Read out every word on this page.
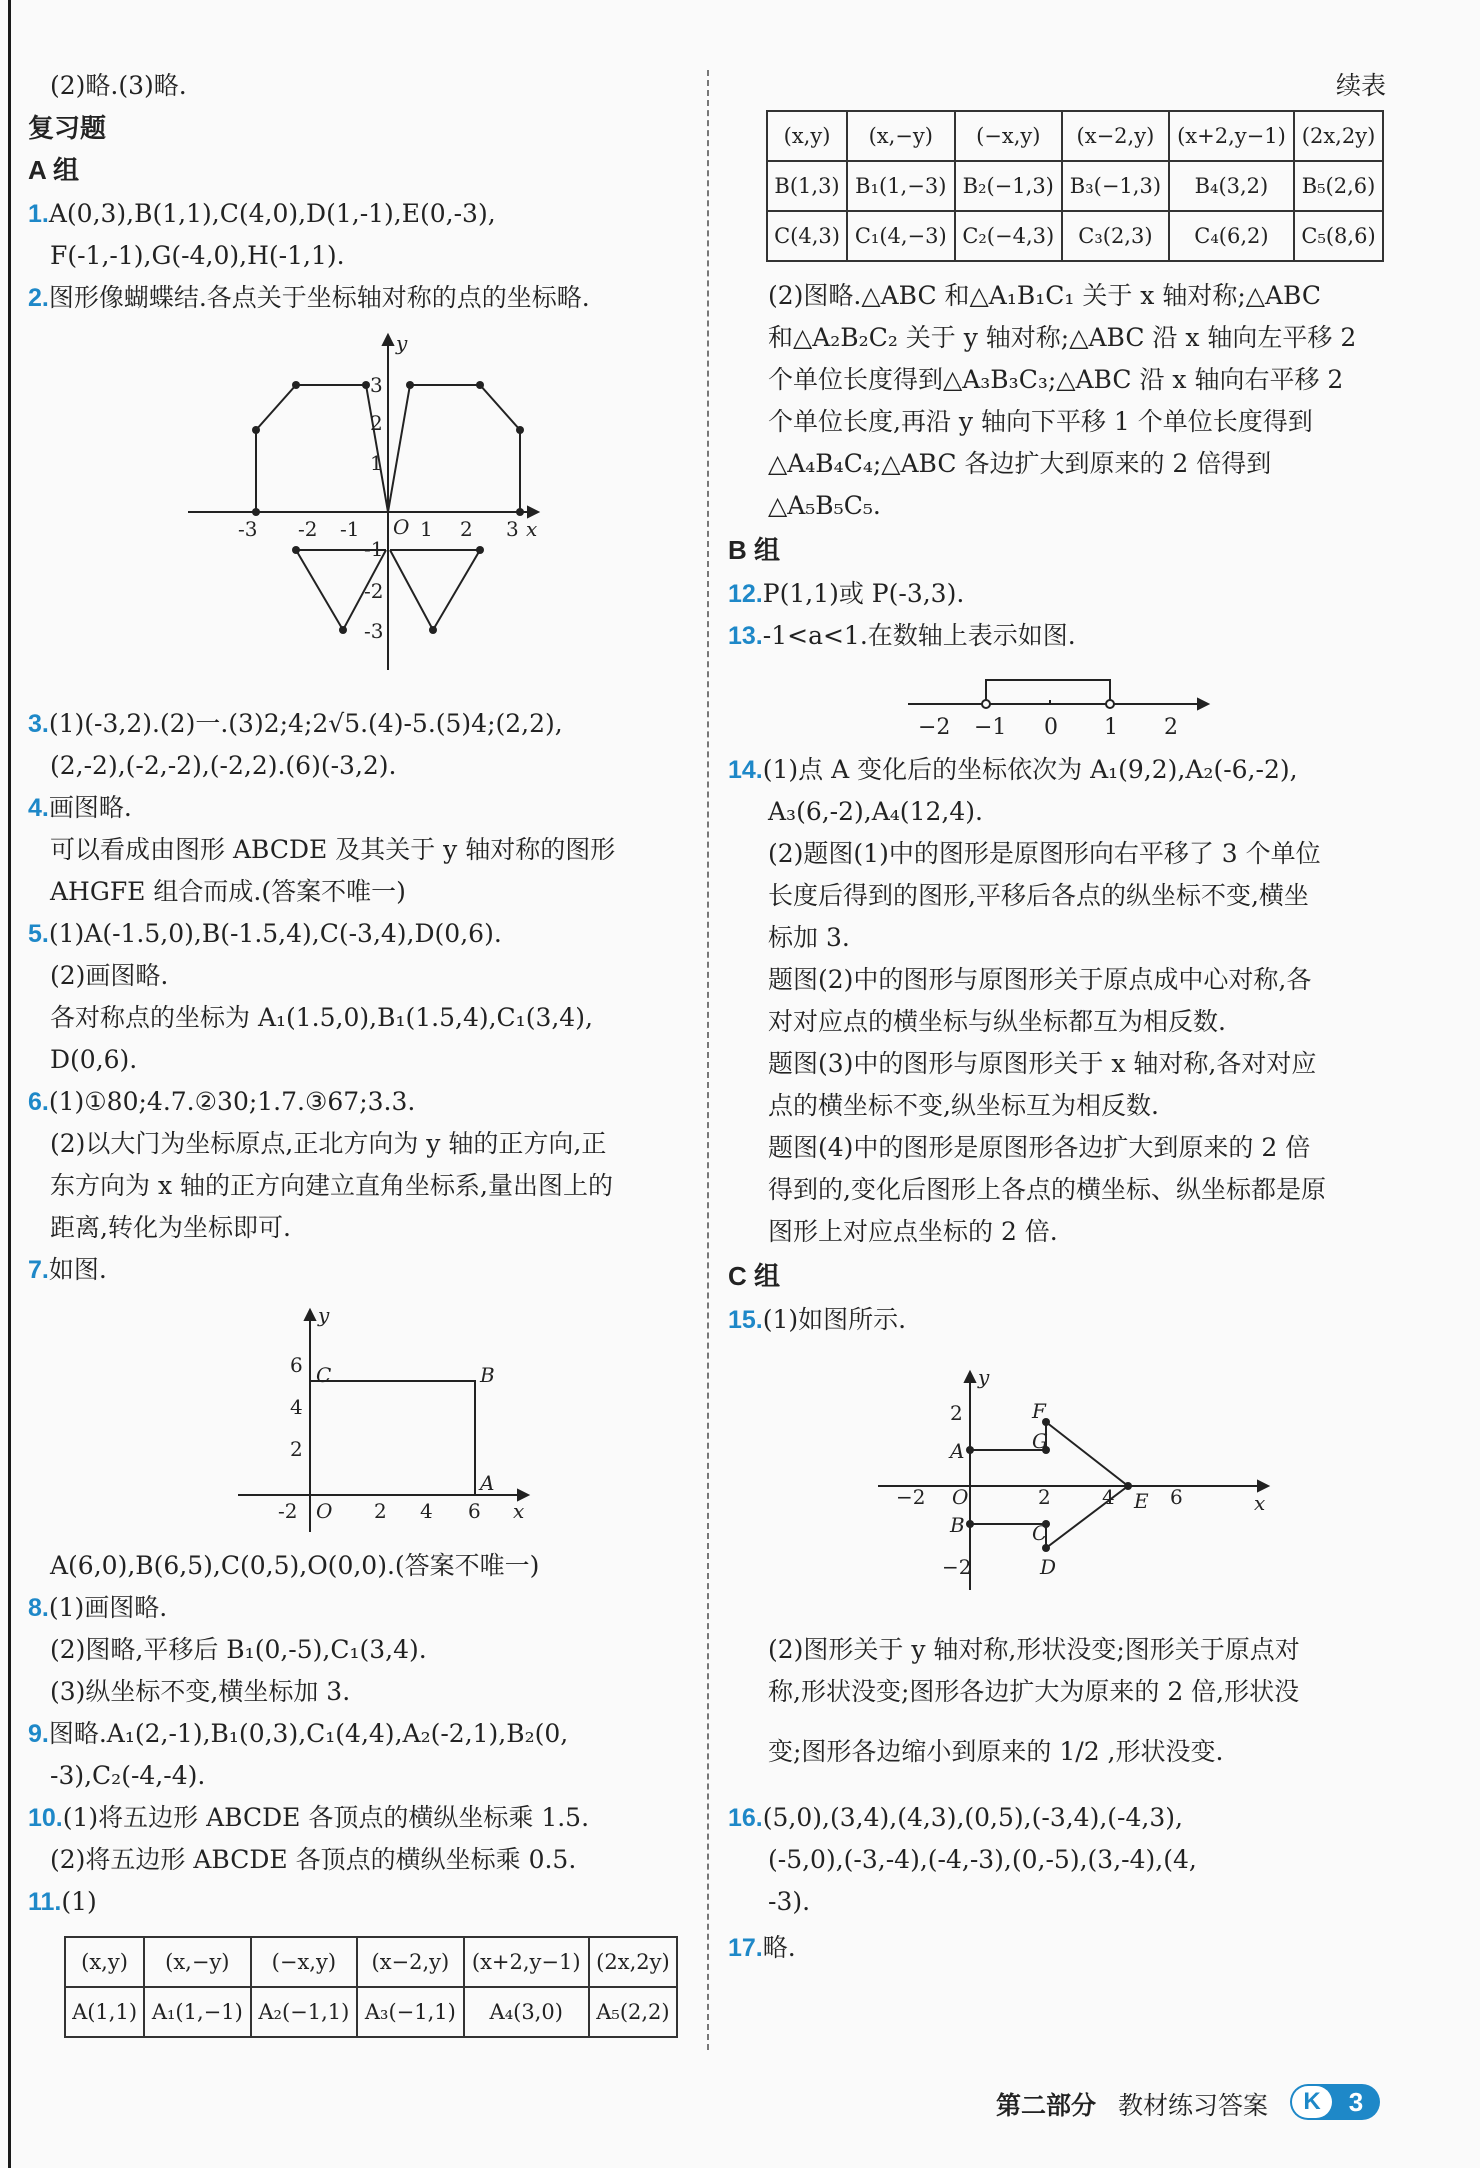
(2)略.(3)略.
复习题
A 组
1.A(0,3),B(1,1),C(4,0),D(1,-1),E(0,-3),
F(-1,-1),G(-4,0),H(-1,1).
2.图形像蝴蝶结.各点关于坐标轴对称的点的坐标略.
y
x
O
3
2
1
-1
-2
-3
-3 -2 -1	1 2 3
3.(1)(-3,2).(2)一.(3)2;4;2√5.(4)-5.(5)4;(2,2),
(2,-2),(-2,-2),(-2,2).(6)(-3,2).
4.画图略.
可以看成由图形 ABCDE 及其关于 y 轴对称的图形
AHGFE 组合而成.(答案不唯一)
5.(1)A(-1.5,0),B(-1.5,4),C(-3,4),D(0,6).
(2)画图略.
各对称点的坐标为 A₁(1.5,0),B₁(1.5,4),C₁(3,4),
D(0,6).
6.(1)①80;4.7.②30;1.7.③67;3.3.
(2)以大门为坐标原点,正北方向为 y 轴的正方向,正
东方向为 x 轴的正方向建立直角坐标系,量出图上的
距离,转化为坐标即可.
7.如图.
y
x
O
C	B
A
6
4
2
-2	2 4 6
A(6,0),B(6,5),C(0,5),O(0,0).(答案不唯一)
8.(1)画图略.
(2)图略,平移后 B₁(0,-5),C₁(3,4).
(3)纵坐标不变,横坐标加 3.
9.图略.A₁(2,-1),B₁(0,3),C₁(4,4),A₂(-2,1),B₂(0,
-3),C₂(-4,-4).
10.(1)将五边形 ABCDE 各顶点的横纵坐标乘 1.5.
(2)将五边形 ABCDE 各顶点的横纵坐标乘 0.5.
11.(1)
(x,y)	(x,−y)	(−x,y)	(x−2,y)	(x+2,y−1)	(2x,2y)
A(1,1)	A₁(1,−1)	A₂(−1,1)	A₃(−1,1)	A₄(3,0)	A₅(2,2)
续表
(x,y)	(x,−y)	(−x,y)	(x−2,y)	(x+2,y−1)	(2x,2y)
B(1,3)	B₁(1,−3)	B₂(−1,3)	B₃(−1,3)	B₄(3,2)	B₅(2,6)
C(4,3)	C₁(4,−3)	C₂(−4,3)	C₃(2,3)	C₄(6,2)	C₅(8,6)
(2)图略.△ABC 和△A₁B₁C₁ 关于 x 轴对称;△ABC
和△A₂B₂C₂ 关于 y 轴对称;△ABC 沿 x 轴向左平移 2
个单位长度得到△A₃B₃C₃;△ABC 沿 x 轴向右平移 2
个单位长度,再沿 y 轴向下平移 1 个单位长度得到
△A₄B₄C₄;△ABC 各边扩大到原来的 2 倍得到
△A₅B₅C₅.
B 组
12.P(1,1)或 P(-3,3).
13.-1<a<1.在数轴上表示如图.
−2 −1 0 1 2
14.(1)点 A 变化后的坐标依次为 A₁(9,2),A₂(-6,-2),
A₃(6,-2),A₄(12,4).
(2)题图(1)中的图形是原图形向右平移了 3 个单位
长度后得到的图形,平移后各点的纵坐标不变,横坐
标加 3.
题图(2)中的图形与原图形关于原点成中心对称,各
对对应点的横坐标与纵坐标都互为相反数.
题图(3)中的图形与原图形关于 x 轴对称,各对对应
点的横坐标不变,纵坐标互为相反数.
题图(4)中的图形是原图形各边扩大到原来的 2 倍
得到的,变化后图形上各点的横坐标、纵坐标都是原
图形上对应点坐标的 2 倍.
C 组
15.(1)如图所示.
y
x
O
2
A
B
−2
−2	2	4 E 6
F
G
C
D
(2)图形关于 y 轴对称,形状没变;图形关于原点对
称,形状没变;图形各边扩大为原来的 2 倍,形状没
变;图形各边缩小到原来的 1/2 ,形状没变.
16.(5,0),(3,4),(4,3),(0,5),(-3,4),(-4,3),
(-5,0),(-3,-4),(-4,-3),(0,-5),(3,-4),(4,
-3).
17.略.
第二部分 教材练习答案	K	3
